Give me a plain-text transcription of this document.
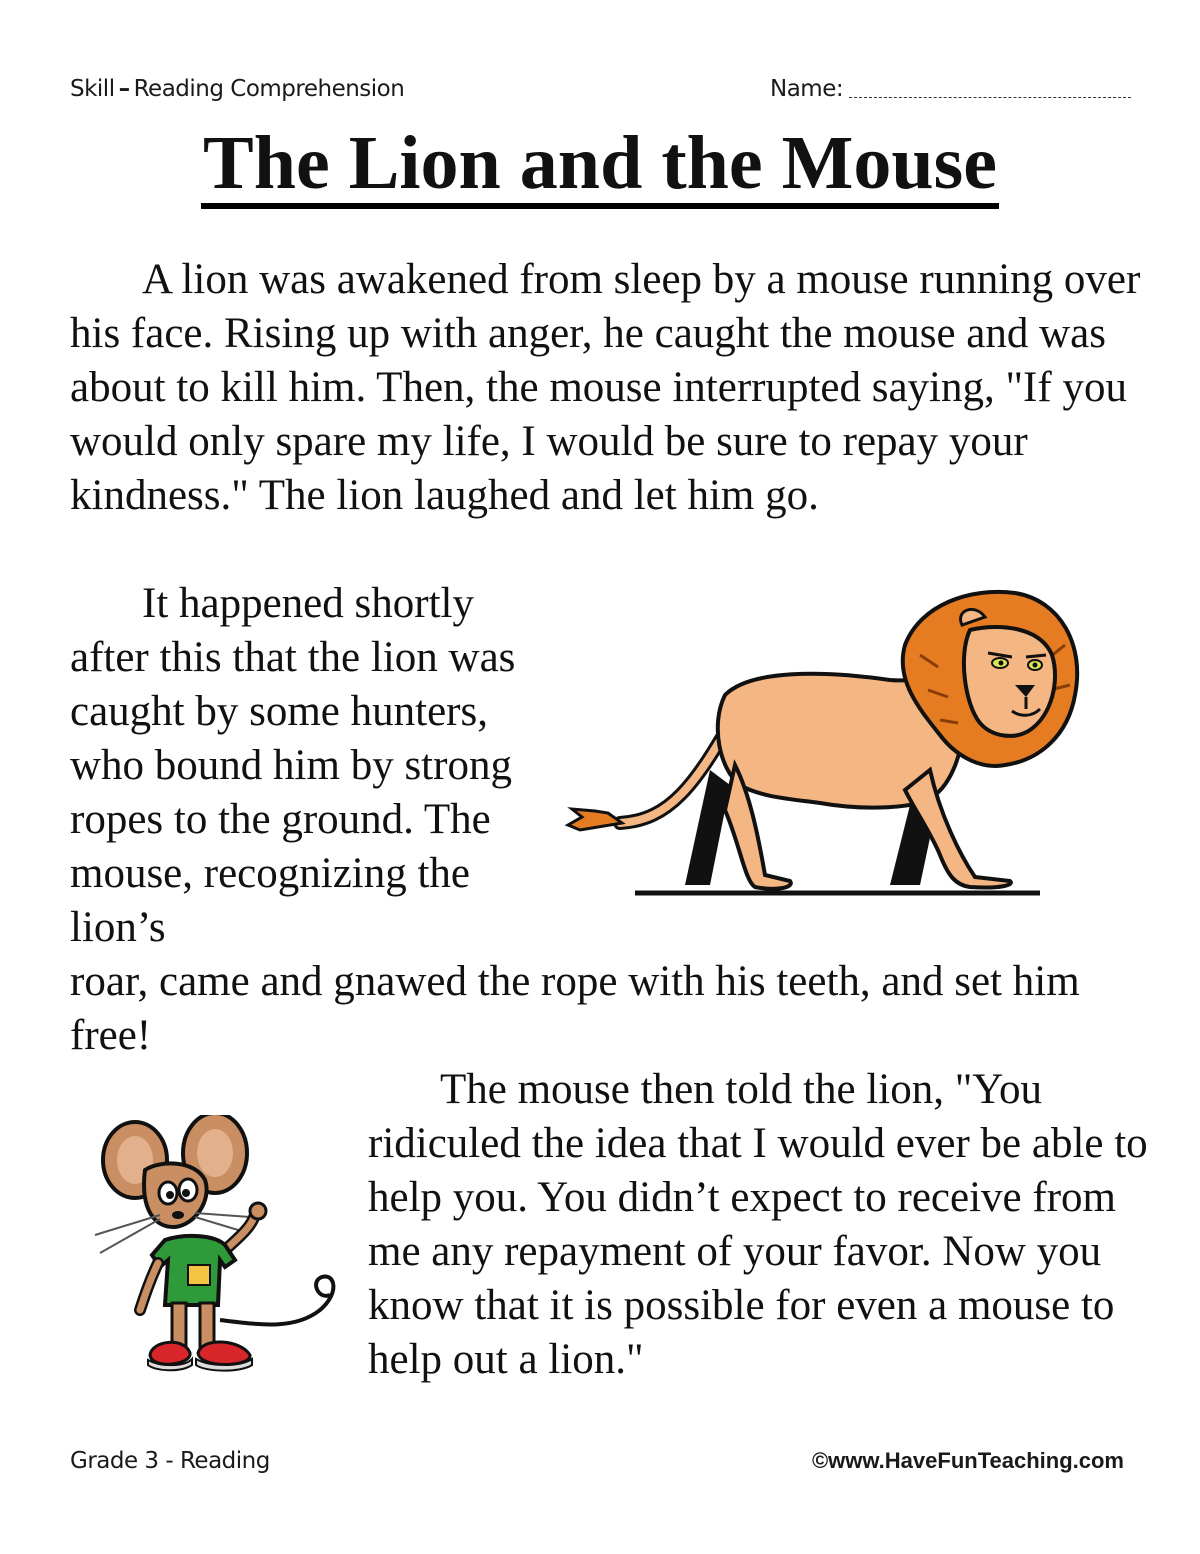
Skill – Reading Comprehension	Name:
The Lion and the Mouse

A lion was awakened from sleep by a mouse running over his face. Rising up with anger, he caught the mouse and was about to kill him. Then, the mouse interrupted saying, "If you would only spare my life, I would be sure to repay your kindness." The lion laughed and let him go.

It happened shortly after this that the lion was caught by some hunters, who bound him by strong ropes to the ground. The mouse, recognizing the lion’s

roar, came and gnawed the rope with his teeth, and set him free!

The mouse then told the lion, "You ridiculed the idea that I would ever be able to help you. You didn’t expect to receive from me any repayment of your favor. Now you know that it is possible for even a mouse to help out a lion."

Grade 3 - Reading	©www.HaveFunTeaching.com
